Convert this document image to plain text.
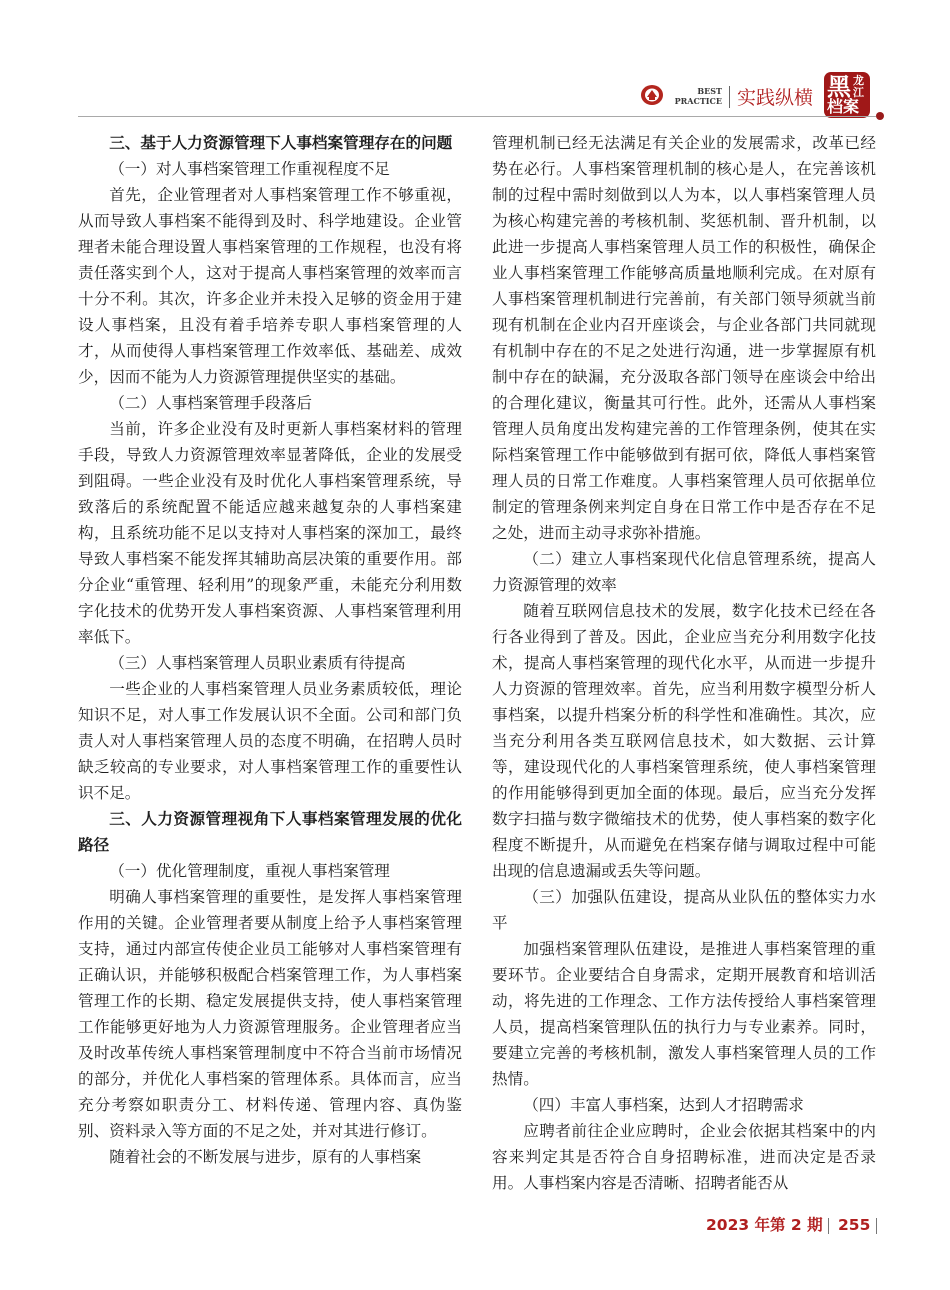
BEST
PRACTICE 实践纵横 黑 龙江
档案

三、基于人力资源管理下人事档案管理存在的问题

（一）对人事档案管理工作重视程度不足

首先，企业管理者对人事档案管理工作不够重视，从而导致人事档案不能得到及时、科学地建设。企业管理者未能合理设置人事档案管理的工作规程，也没有将责任落实到个人，这对于提高人事档案管理的效率而言十分不利。其次，许多企业并未投入足够的资金用于建设人事档案，且没有着手培养专职人事档案管理的人才，从而使得人事档案管理工作效率低、基础差、成效少，因而不能为人力资源管理提供坚实的基础。

（二）人事档案管理手段落后

当前，许多企业没有及时更新人事档案材料的管理手段，导致人力资源管理效率显著降低，企业的发展受到阻碍。一些企业没有及时优化人事档案管理系统，导致落后的系统配置不能适应越来越复杂的人事档案建构，且系统功能不足以支持对人事档案的深加工，最终导致人事档案不能发挥其辅助高层决策的重要作用。部分企业“重管理、轻利用”的现象严重，未能充分利用数字化技术的优势开发人事档案资源、人事档案管理利用率低下。

（三）人事档案管理人员职业素质有待提高

一些企业的人事档案管理人员业务素质较低，理论知识不足，对人事工作发展认识不全面。公司和部门负责人对人事档案管理人员的态度不明确，在招聘人员时缺乏较高的专业要求，对人事档案管理工作的重要性认识不足。

三、人力资源管理视角下人事档案管理发展的优化路径

（一）优化管理制度，重视人事档案管理

明确人事档案管理的重要性，是发挥人事档案管理作用的关键。企业管理者要从制度上给予人事档案管理支持，通过内部宣传使企业员工能够对人事档案管理有正确认识，并能够积极配合档案管理工作，为人事档案管理工作的长期、稳定发展提供支持，使人事档案管理工作能够更好地为人力资源管理服务。企业管理者应当及时改革传统人事档案管理制度中不符合当前市场情况的部分，并优化人事档案的管理体系。具体而言，应当充分考察如职责分工、材料传递、管理内容、真伪鉴别、资料录入等方面的不足之处，并对其进行修订。

随着社会的不断发展与进步，原有的人事档案

管理机制已经无法满足有关企业的发展需求，改革已经势在必行。人事档案管理机制的核心是人，在完善该机制的过程中需时刻做到以人为本，以人事档案管理人员为核心构建完善的考核机制、奖惩机制、晋升机制，以此进一步提高人事档案管理人员工作的积极性，确保企业人事档案管理工作能够高质量地顺利完成。在对原有人事档案管理机制进行完善前，有关部门领导须就当前现有机制在企业内召开座谈会，与企业各部门共同就现有机制中存在的不足之处进行沟通，进一步掌握原有机制中存在的缺漏，充分汲取各部门领导在座谈会中给出的合理化建议，衡量其可行性。此外，还需从人事档案管理人员角度出发构建完善的工作管理条例，使其在实际档案管理工作中能够做到有据可依，降低人事档案管理人员的日常工作难度。人事档案管理人员可依据单位制定的管理条例来判定自身在日常工作中是否存在不足之处，进而主动寻求弥补措施。

（二）建立人事档案现代化信息管理系统，提高人力资源管理的效率

随着互联网信息技术的发展，数字化技术已经在各行各业得到了普及。因此，企业应当充分利用数字化技术，提高人事档案管理的现代化水平，从而进一步提升人力资源的管理效率。首先，应当利用数字模型分析人事档案，以提升档案分析的科学性和准确性。其次，应当充分利用各类互联网信息技术，如大数据、云计算等，建设现代化的人事档案管理系统，使人事档案管理的作用能够得到更加全面的体现。最后，应当充分发挥数字扫描与数字微缩技术的优势，使人事档案的数字化程度不断提升，从而避免在档案存储与调取过程中可能出现的信息遗漏或丢失等问题。

（三）加强队伍建设，提高从业队伍的整体实力水平

加强档案管理队伍建设，是推进人事档案管理的重要环节。企业要结合自身需求，定期开展教育和培训活动，将先进的工作理念、工作方法传授给人事档案管理人员，提高档案管理队伍的执行力与专业素养。同时，要建立完善的考核机制，激发人事档案管理人员的工作热情。

（四）丰富人事档案，达到人才招聘需求

应聘者前往企业应聘时，企业会依据其档案中的内容来判定其是否符合自身招聘标准，进而决定是否录用。人事档案内容是否清晰、招聘者能否从

2023 年第 2 期 255
